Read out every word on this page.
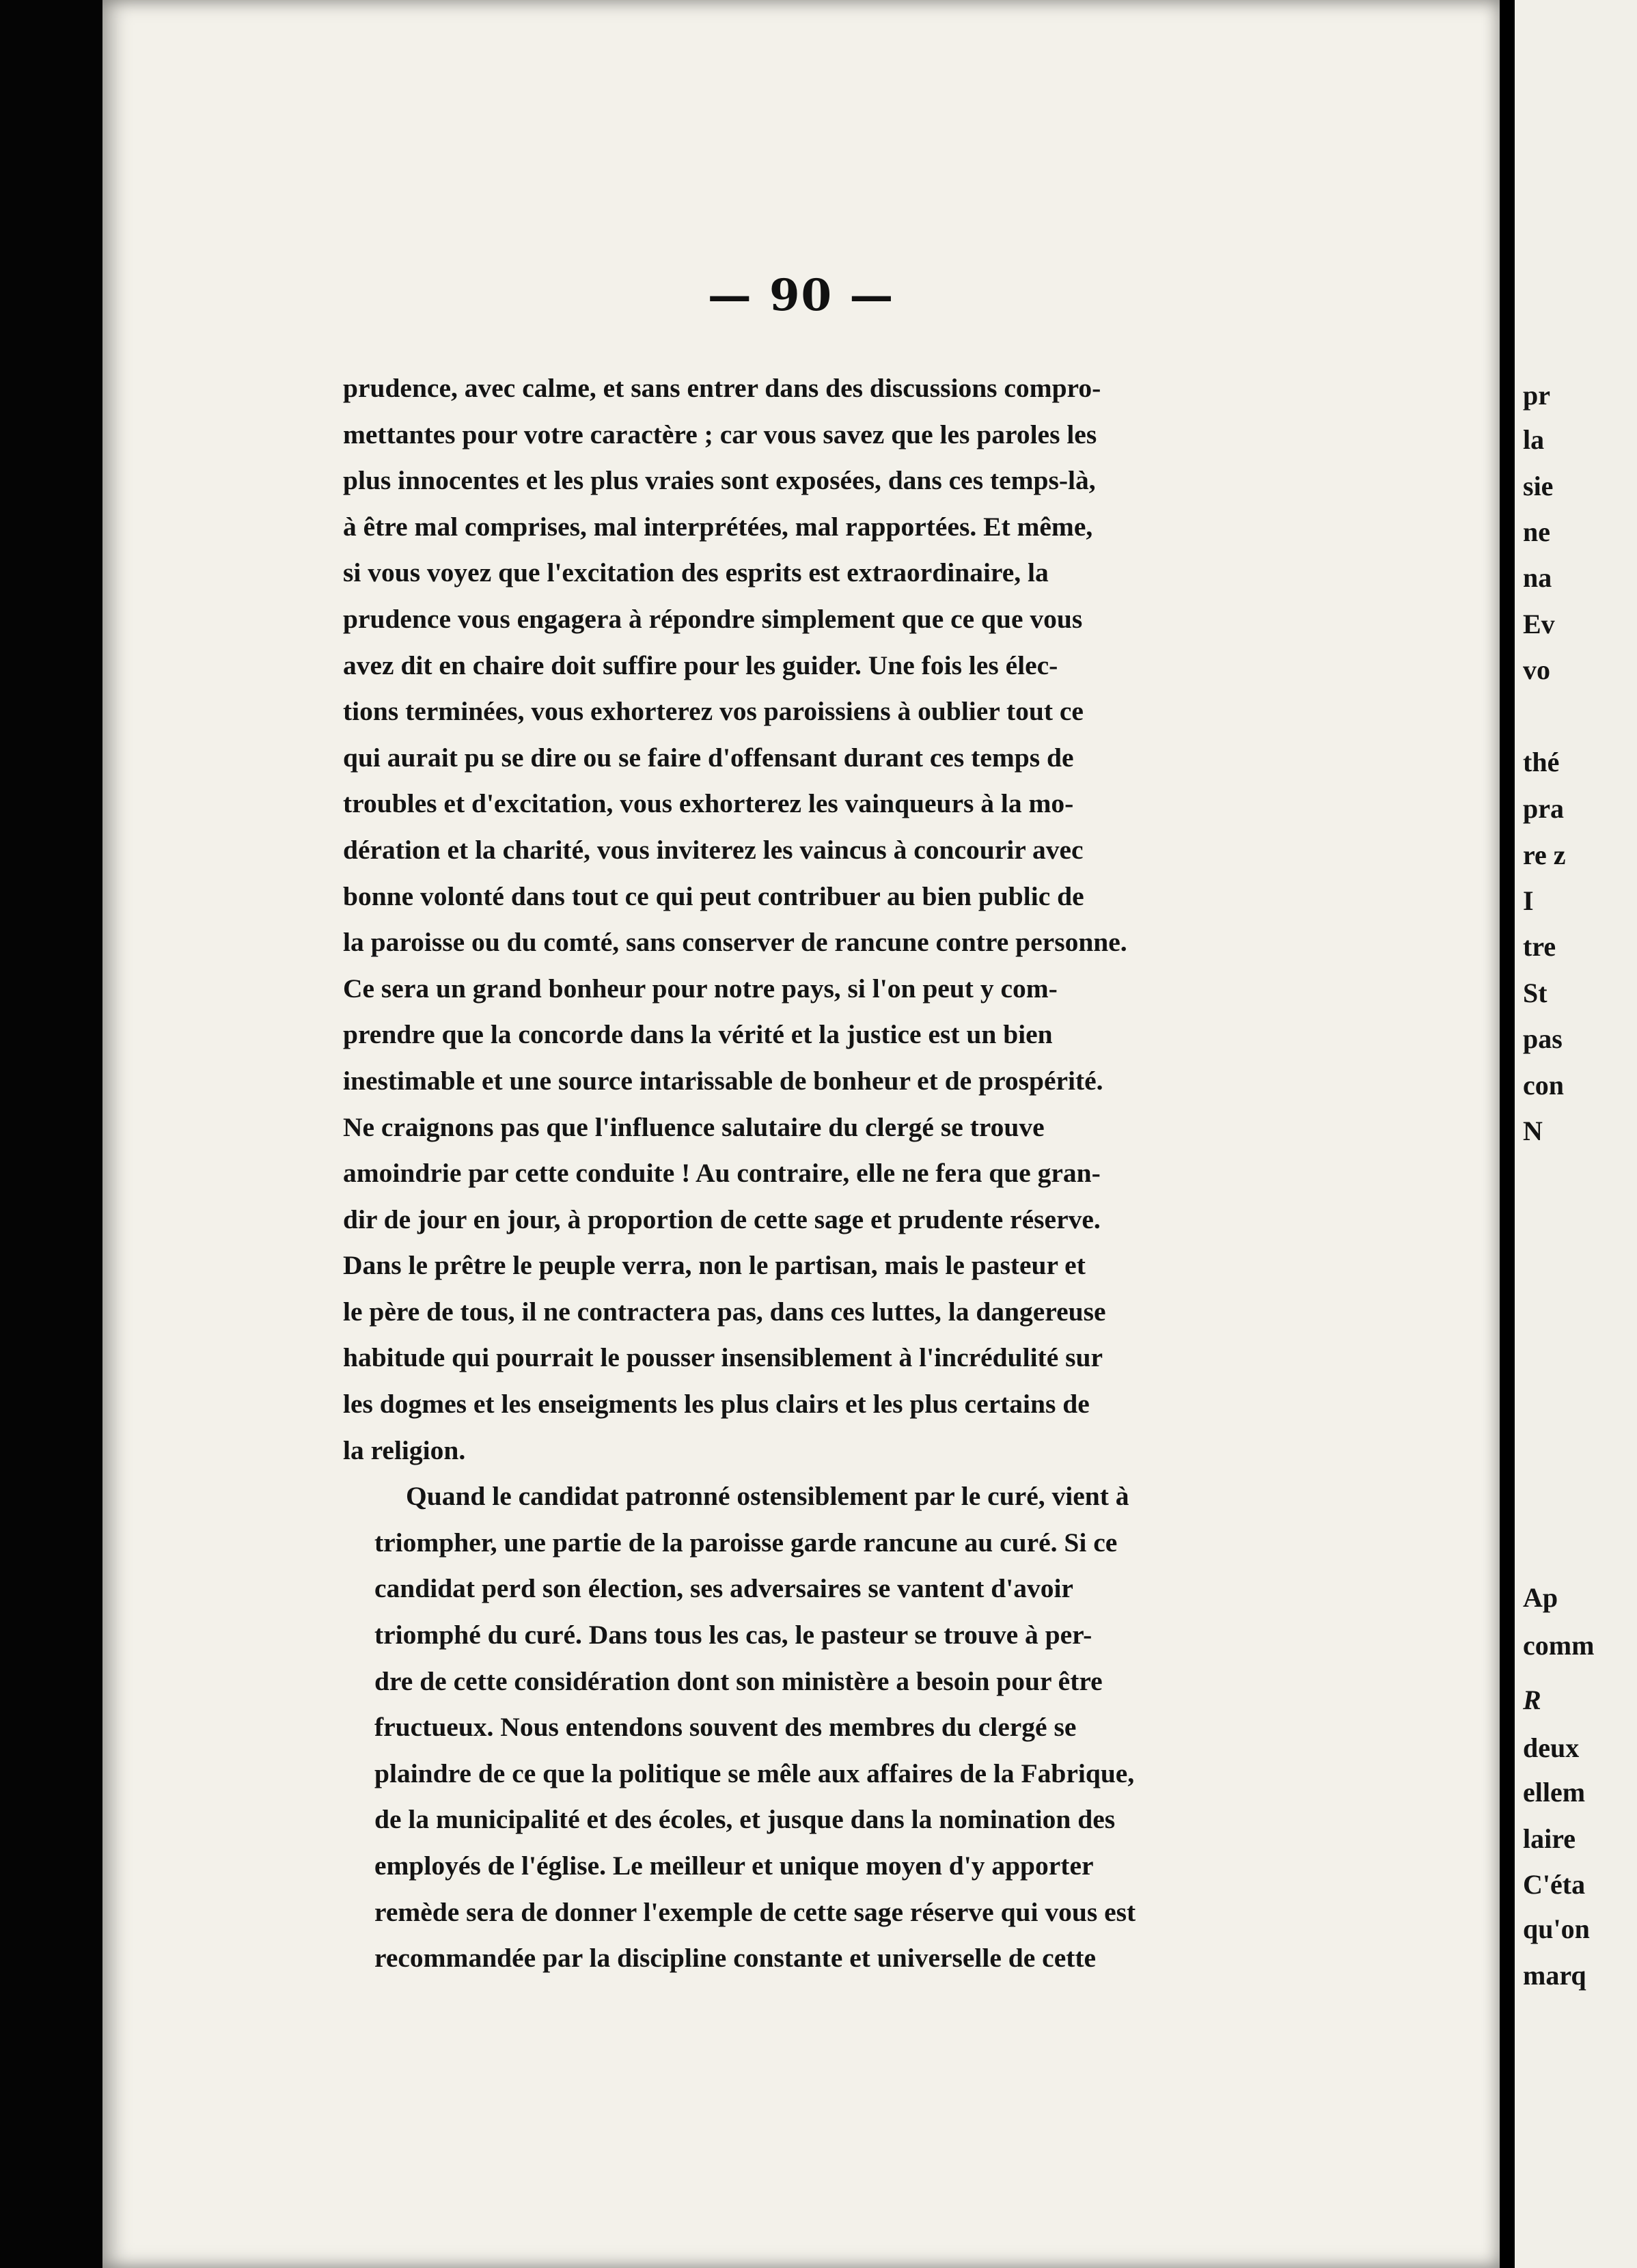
— 90 —
prudence, avec calme, et sans entrer dans des discussions compro-
mettantes pour votre caractère ; car vous savez que les paroles les
plus innocentes et les plus vraies sont exposées, dans ces temps-là,
à être mal comprises, mal interprétées, mal rapportées. Et même,
si vous voyez que l'excitation des esprits est extraordinaire, la
prudence vous engagera à répondre simplement que ce que vous
avez dit en chaire doit suffire pour les guider. Une fois les élec-
tions terminées, vous exhorterez vos paroissiens à oublier tout ce
qui aurait pu se dire ou se faire d'offensant durant ces temps de
troubles et d'excitation, vous exhorterez les vainqueurs à la mo-
dération et la charité, vous inviterez les vaincus à concourir avec
bonne volonté dans tout ce qui peut contribuer au bien public de
la paroisse ou du comté, sans conserver de rancune contre personne.
Ce sera un grand bonheur pour notre pays, si l'on peut y com-
prendre que la concorde dans la vérité et la justice est un bien
inestimable et une source intarissable de bonheur et de prospérité.
Ne craignons pas que l'influence salutaire du clergé se trouve
amoindrie par cette conduite ! Au contraire, elle ne fera que gran-
dir de jour en jour, à proportion de cette sage et prudente réserve.
Dans le prêtre le peuple verra, non le partisan, mais le pasteur et
le père de tous, il ne contractera pas, dans ces luttes, la dangereuse
habitude qui pourrait le pousser insensiblement à l'incrédulité sur
les dogmes et les enseigments les plus clairs et les plus certains de
la religion.
Quand le candidat patronné ostensiblement par le curé, vient à
triompher, une partie de la paroisse garde rancune au curé. Si ce
candidat perd son élection, ses adversaires se vantent d'avoir
triomphé du curé. Dans tous les cas, le pasteur se trouve à per-
dre de cette considération dont son ministère a besoin pour être
fructueux. Nous entendons souvent des membres du clergé se
plaindre de ce que la politique se mêle aux affaires de la Fabrique,
de la municipalité et des écoles, et jusque dans la nomination des
employés de l'église. Le meilleur et unique moyen d'y apporter
remède sera de donner l'exemple de cette sage réserve qui vous est
recommandée par la discipline constante et universelle de cette
pr
la
sie
ne
na
Ev
vo
thé
pra
re z
I
tre
St
pas
con
N
Ap
comm
R
deux
ellem
laire
C'éta
qu'on
marq
